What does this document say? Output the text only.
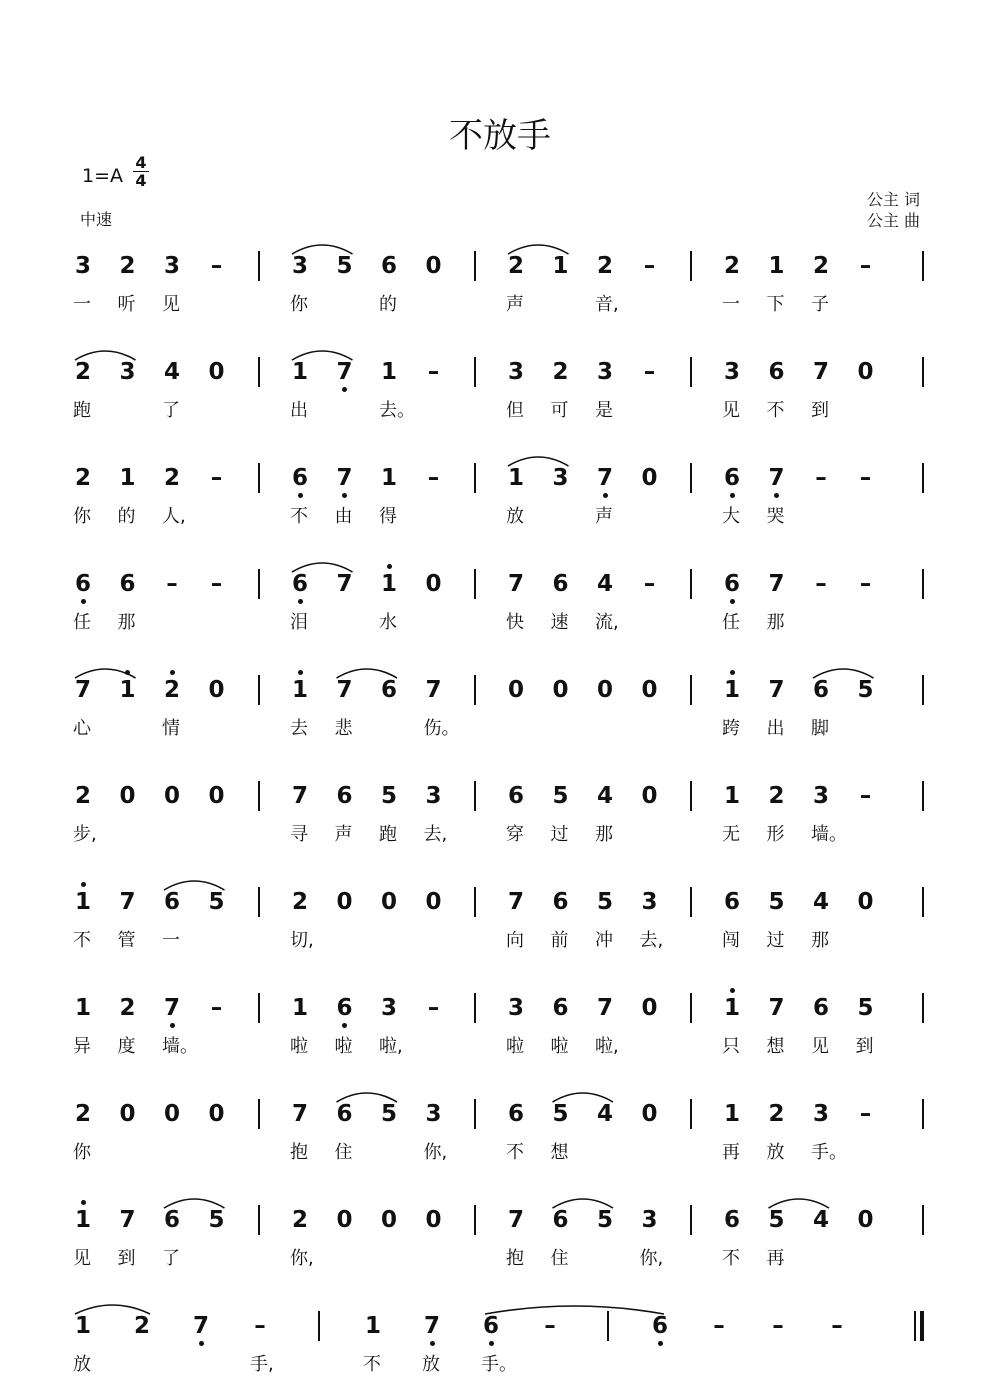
不放手
1=A
4
4
中速
公主 词
公主 曲
3 2 3 –
一 听 见
3 5 6 0
你	的
2 1 2 –
声	音,
2 1 2 –
一 下 子
2 3 4 0
跑	了
1 7 1 –
出	去。
3 2 3 –
但 可 是
3 6 7 0
见 不 到
2 1 2 –
你 的 人,
6 7 1 –
不 由 得
1 3 7 0
放	声
6 7 – –
大 哭
6 6 – –
任 那
6 7 1 0
泪	水
7 6 4 –
快 速 流,
6 7 – –
任 那
7 1 2 0
心	情
1 7 6 7
去 悲	伤。
0 0 0 0	1 7 6 5
跨 出 脚
2 0 0 0
步,
7 6 5 3
寻 声 跑 去,
6 5 4 0
穿 过 那
1 2 3 –
无 形 墙。
1 7 6 5
不 管 一
2 0 0 0
切,
7 6 5 3
向 前 冲 去,
6 5 4 0
闯 过 那
1 2 7 –
异 度 墙。
1 6 3 –
啦 啦 啦,
3 6 7 0
啦 啦 啦,
1 7 6 5
只 想 见 到
2 0 0 0
你
7 6 5 3
抱 住	你,
6 5 4 0
不 想
1 2 3 –
再 放 手。
1 7 6 5
见 到 了
2 0 0 0
你,
7 6 5 3
抱 住	你,
6 5 4 0
不 再
1 2 7 –
放	手,
1 7 6 –
不 放 手。
6 – – –
